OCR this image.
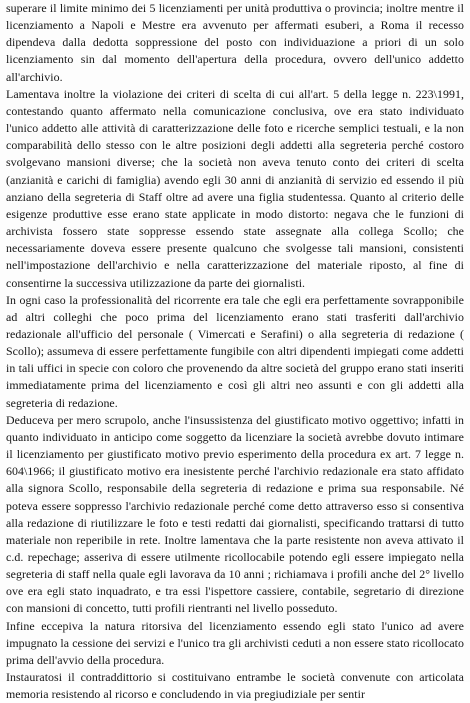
superare il limite minimo dei 5 licenziamenti per unità produttiva o provincia; inoltre mentre il licenziamento a Napoli e Mestre era avvenuto per affermati esuberi, a Roma il recesso dipendeva dalla dedotta soppressione del posto con individuazione a priori di un solo licenziamento sin dal momento dell'apertura della procedura, ovvero dell'unico addetto all'archivio.

Lamentava inoltre la violazione dei criteri di scelta di cui all'art. 5 della legge n. 223\1991, contestando quanto affermato nella comunicazione conclusiva, ove era stato individuato l'unico addetto alle attività di caratterizzazione delle foto e ricerche semplici testuali, e la non comparabilità dello stesso con le altre posizioni degli addetti alla segreteria perché costoro svolgevano mansioni diverse; che la società non aveva tenuto conto dei criteri di scelta (anzianità e carichi di famiglia) avendo egli 30 anni di anzianità di servizio ed essendo il più anziano della segreteria di Staff oltre ad avere una figlia studentessa. Quanto al criterio delle esigenze produttive esse erano state applicate in modo distorto: negava che le funzioni di archivista fossero state soppresse essendo state assegnate alla collega Scollo; che necessariamente doveva essere presente qualcuno che svolgesse tali mansioni, consistenti nell'impostazione dell'archivio e nella caratterizzazione del materiale riposto, al fine di consentirne la successiva utilizzazione da parte dei giornalisti.

In ogni caso la professionalità del ricorrente era tale che egli era perfettamente sovrapponibile ad altri colleghi che poco prima del licenziamento erano stati trasferiti dall'archivio redazionale all'ufficio del personale ( Vimercati e Serafini) o alla segreteria di redazione ( Scollo); assumeva di essere perfettamente fungibile con altri dipendenti impiegati come addetti in tali uffici in specie con coloro che provenendo da altre società del gruppo erano stati inseriti immediatamente prima del licenziamento e così gli altri neo assunti e con gli addetti alla segreteria di redazione.

Deduceva per mero scrupolo, anche l'insussistenza del giustificato motivo oggettivo; infatti in quanto individuato in anticipo come soggetto da licenziare la società avrebbe dovuto intimare il licenziamento per giustificato motivo previo esperimento della procedura ex art. 7 legge n. 604\1966; il giustificato motivo era inesistente perché l'archivio redazionale era stato affidato alla signora Scollo, responsabile della segreteria di redazione e prima sua responsabile. Né poteva essere soppresso l'archivio redazionale perché come detto attraverso esso si consentiva alla redazione di riutilizzare le foto e testi redatti dai giornalisti, specificando trattarsi di tutto materiale non reperibile in rete. Inoltre lamentava che la parte resistente non aveva attivato il c.d. repechage; asseriva di essere utilmente ricollocabile potendo egli essere impiegato nella segreteria di staff nella quale egli lavorava da 10 anni ; richiamava i profili anche del 2° livello ove era egli stato inquadrato, e tra essi l'ispettore cassiere, contabile, segretario di direzione con mansioni di concetto, tutti profili rientranti nel livello posseduto.

Infine eccepiva la natura ritorsiva del licenziamento essendo egli stato l'unico ad avere impugnato la cessione dei servizi e l'unico tra gli archivisti ceduti a non essere stato ricollocato prima dell'avvio della procedura.

Instauratosi il contraddittorio si costituivano entrambe le società convenute con articolata memoria resistendo al ricorso e concludendo in via pregiudiziale per sentir
